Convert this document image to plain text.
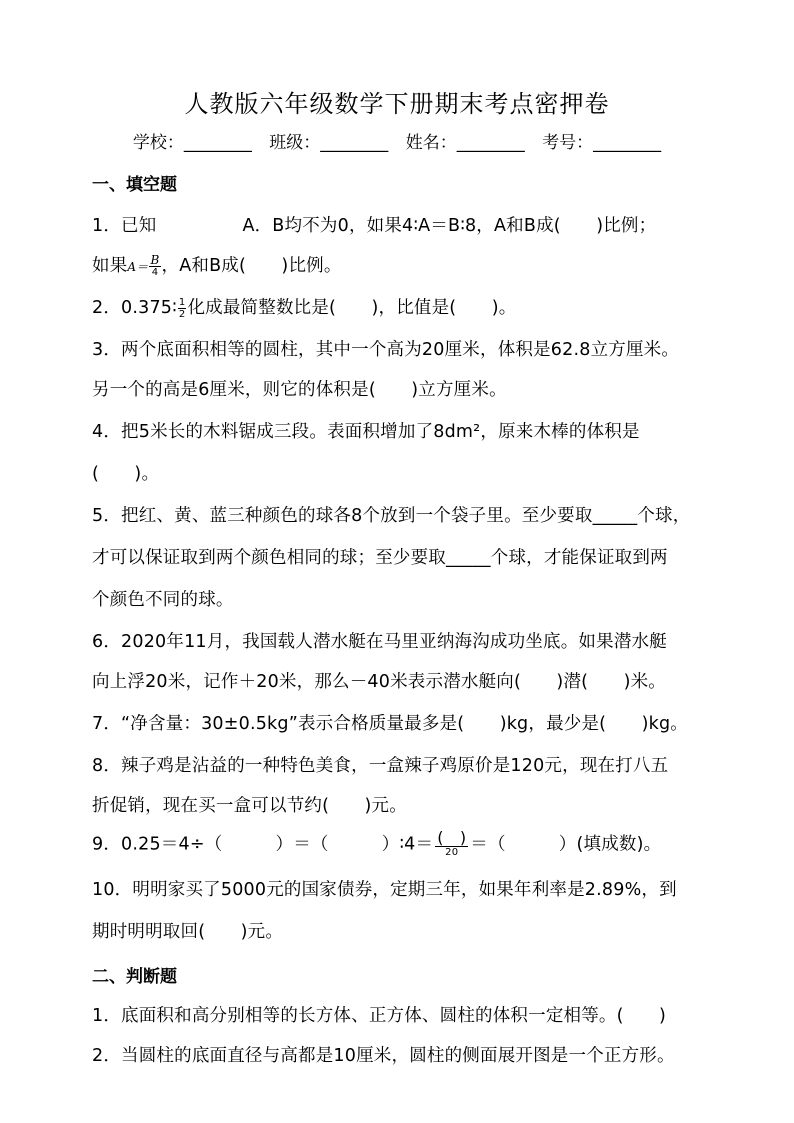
人教版六年级数学下册期末考点密押卷
学校：________ 班级：________ 姓名：________ 考号：________
一、填空题
1．已知	A．B均不为0，如果4∶A＝B∶8，A和B成(　　)比例；
如果$A= \frac{B}{4}$ ，A和B成(　　)比例。
2．0.375∶ $\frac{1}{2}$ 化成最简整数比是(　　)，比值是(　　)。
3．两个底面积相等的圆柱，其中一个高为20厘米，体积是62.8立方厘米。
另一个的高是6厘米，则它的体积是(　　)立方厘米。
4．把5米长的木料锯成三段。表面积增加了8dm²，原来木棒的体积是
(　　)。
5．把红、黄、蓝三种颜色的球各8个放到一个袋子里。至少要取_____个球，
才可以保证取到两个颜色相同的球；至少要取_____个球，才能保证取到两
个颜色不同的球。
6．2020年11月，我国载人潜水艇在马里亚纳海沟成功坐底。如果潜水艇
向上浮20米，记作＋20米，那么－40米表示潜水艇向(　　)潜(　　)米。
7．“净含量：30±0.5kg”表示合格质量最多是(　　)kg，最少是(　　)kg。
8．辣子鸡是沾益的一种特色美食，一盒辣子鸡原价是120元，现在打八五
折促销，现在买一盒可以节约(　　)元。
9．0.25＝4÷（　　　）＝（　　　）∶4＝ (　)
20 ＝（　　　）(填成数)。
10．明明家买了5000元的国家债券，定期三年，如果年利率是2.89%，到
期时明明取回(　　)元。
二、判断题
1．底面积和高分别相等的长方体、正方体、圆柱的体积一定相等。(　　)
2．当圆柱的底面直径与高都是10厘米，圆柱的侧面展开图是一个正方形。
